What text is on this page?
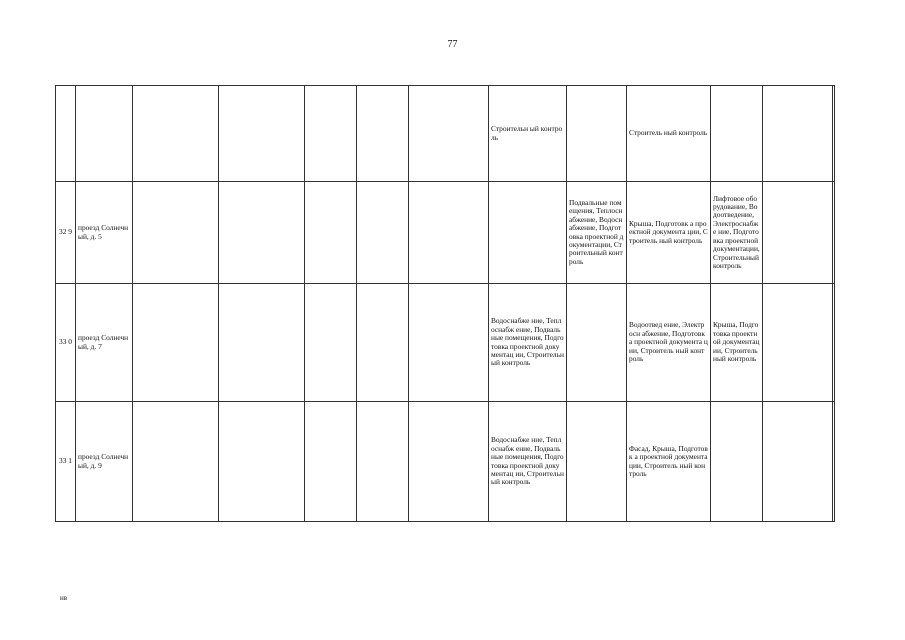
77
							Строительн ый контроль		Строитель ный контроль			
32 9	проезд Солнечный, д. 5							Подвальные помещения, Теплоснабжение, Водоснабжение, Подготовка проектной документации, Строительный контроль	Крыша, Подготовк а проектной документа ции, Строитель ный контроль	Лифтовое оборудование, Водоотведение, Электроснабже ние, Подготовка проектной документации, Строительный контроль		
33 0	проезд Солнечный, д. 7						Водоснабже ние, Теплоснабж ение, Подвальные помещения, Подготовка проектной документац ии, Строительн ый контроль		Водоотвед ение, Электросн абжение, Подготовк а проектной документа ции, Строитель ный контроль	Крыша, Подготовка проектной документации, Строительный контроль		
33 1	проезд Солнечный, д. 9						Водоснабже ние, Теплоснабж ение, Подвальные помещения, Подготовка проектной документац ии, Строительн ый контроль		Фасад, Крыша, Подготовк а проектной документа ции, Строитель ный контроль			
нв
